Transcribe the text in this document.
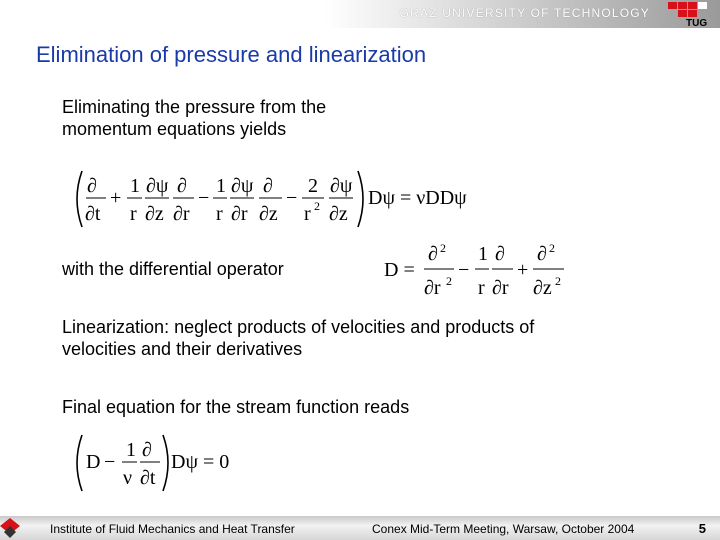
GRAZ UNIVERSITY OF TECHNOLOGY
TUG
Elimination of pressure and linearization
Eliminating the pressure from the
momentum equations yields
∂
∂t
+
1
r
∂ψ
∂z
∂
∂r
−
1
r
∂ψ
∂r
∂
∂z
−
2
r 2
∂ψ
∂z
Dψ = νDDψ
with the differential operator	D =
∂ 2
∂r 2 −
1
r
∂
∂r
+
∂ 2
∂z 2
Linearization: neglect products of velocities and products of
velocities and their derivatives
Final equation for the stream function reads
D −
1
ν
∂
∂t
Dψ = 0
Institute of Fluid Mechanics and Heat Transfer	Conex Mid-Term Meeting, Warsaw, October 2004	5
